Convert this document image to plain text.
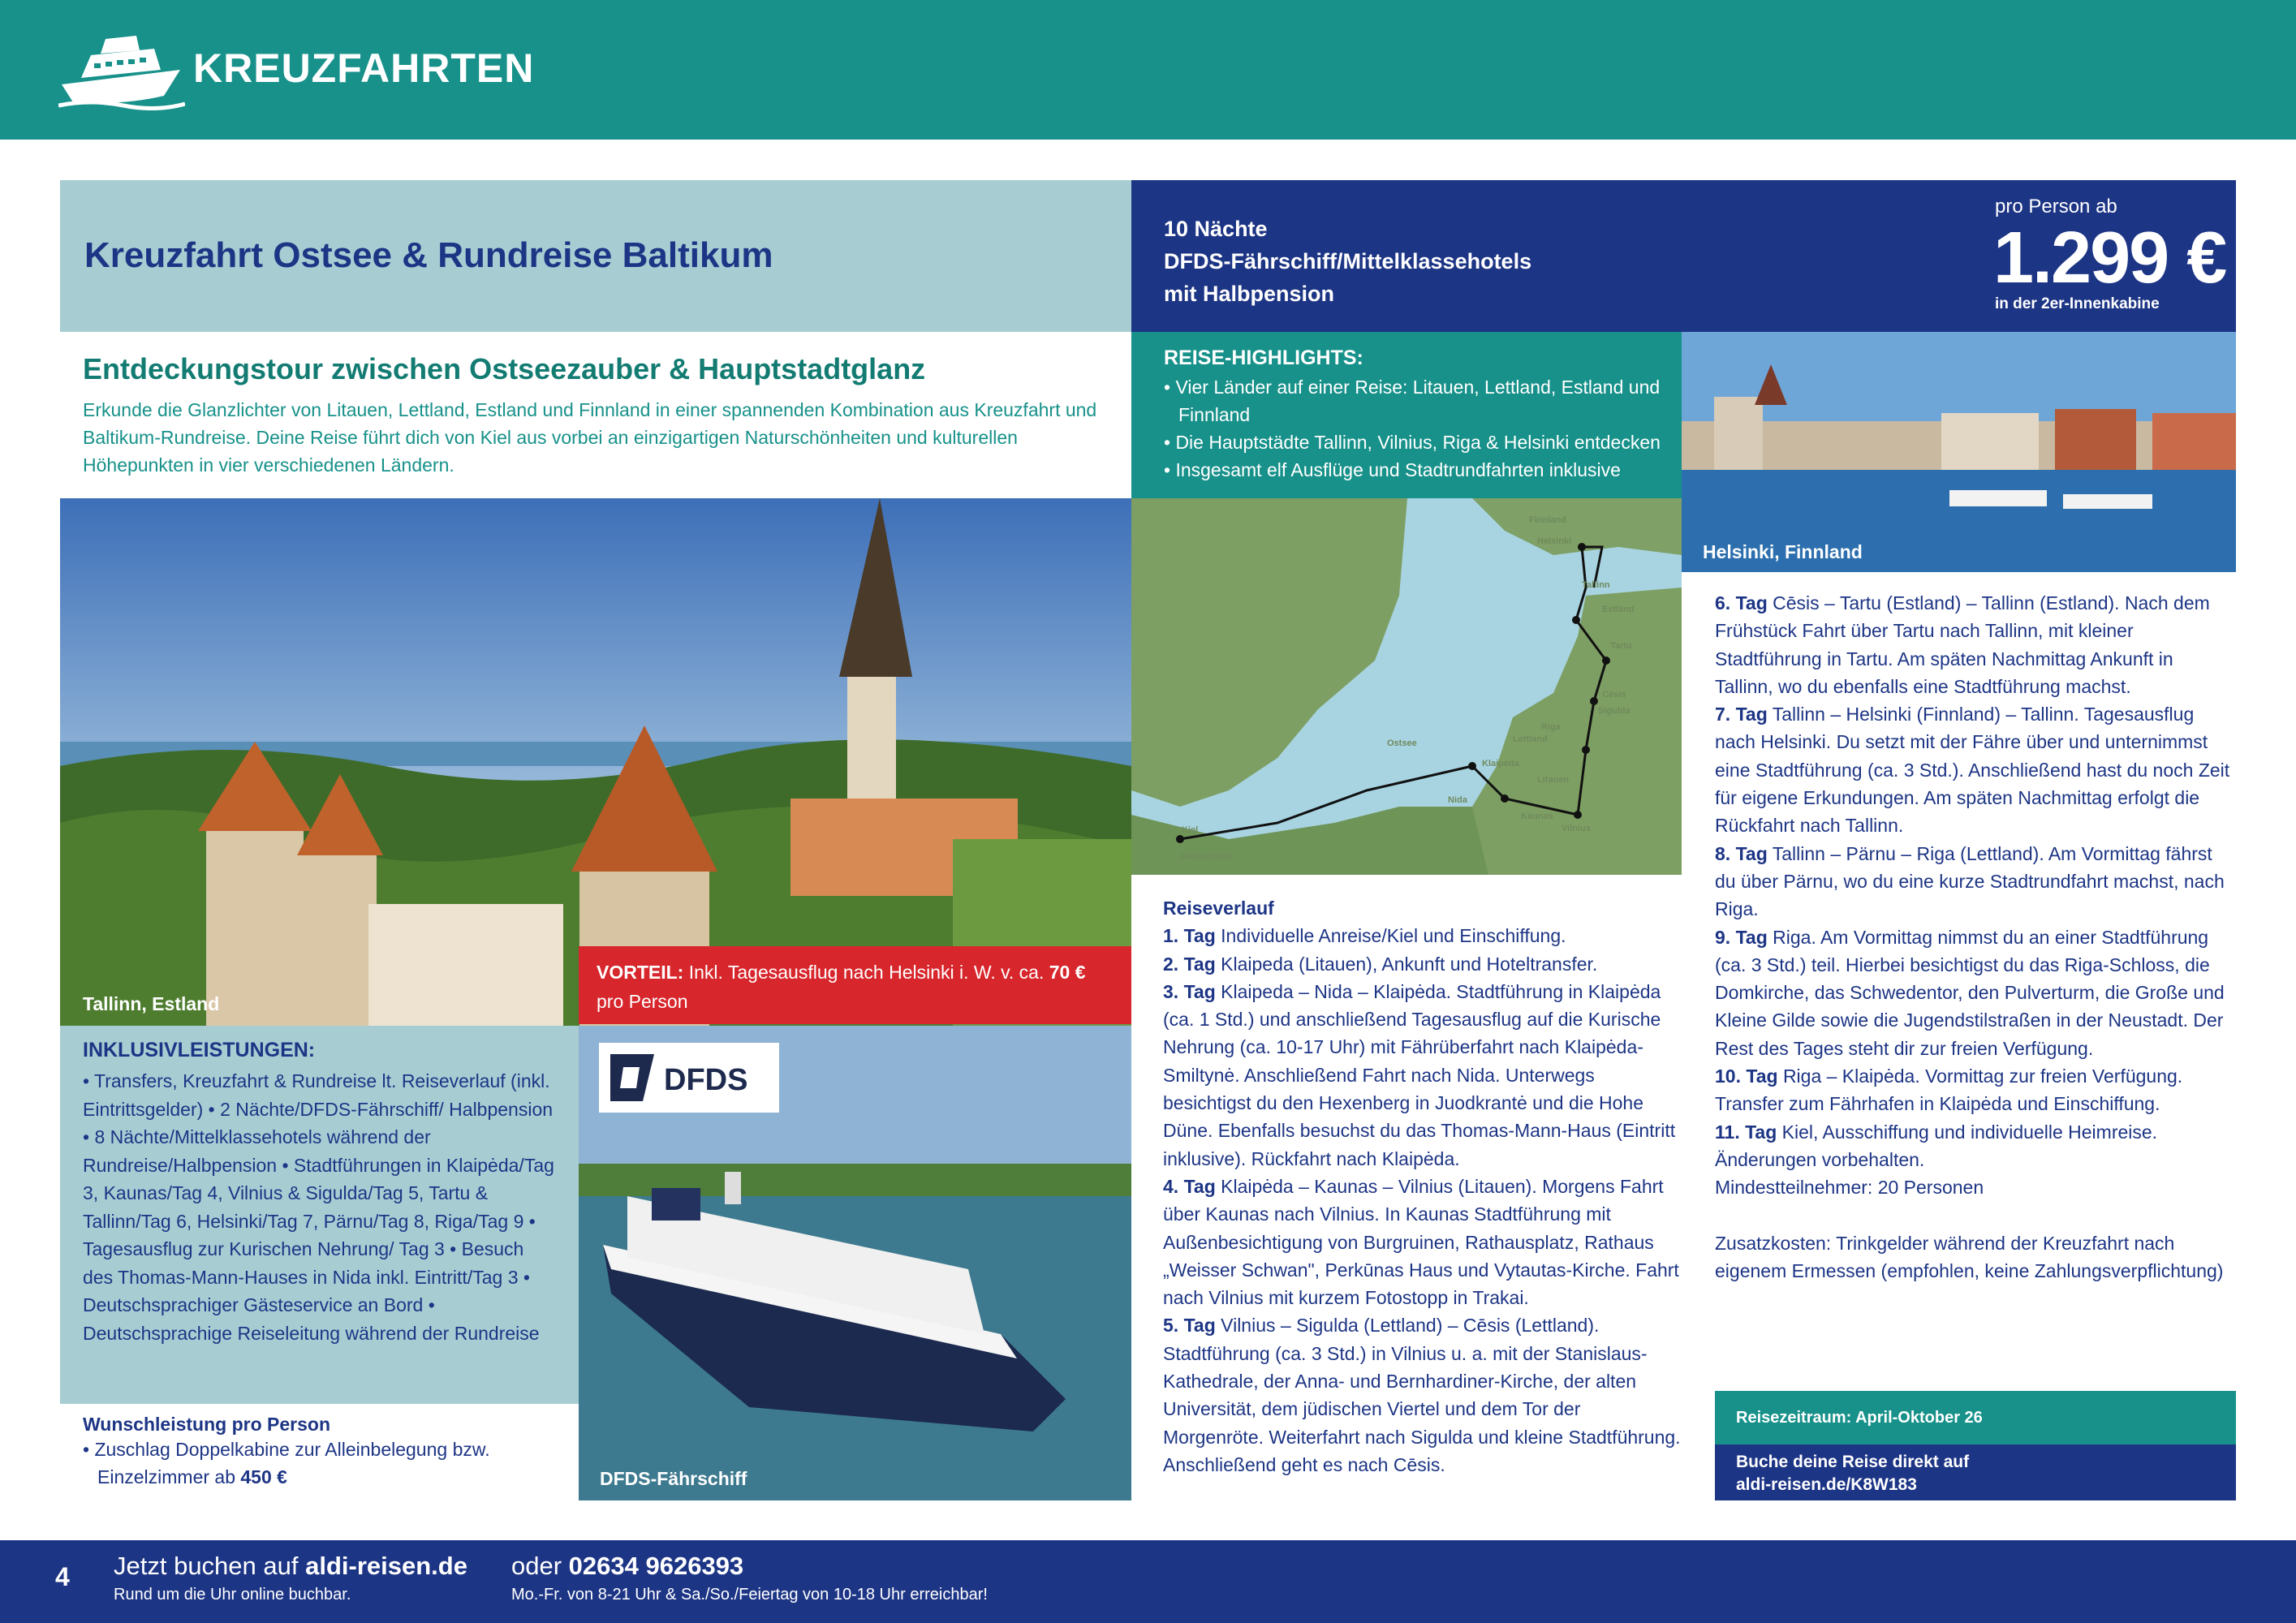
KREUZFAHRTEN
Kreuzfahrt Ostsee & Rundreise Baltikum
10 Nächte
DFDS-Fährschiff/Mittelklassehotels
mit Halbpension
pro Person ab
1.299 €
in der 2er-Innenkabine
Entdeckungstour zwischen Ostseezauber & Hauptstadtglanz
Erkunde die Glanzlichter von Litauen, Lettland, Estland und Finnland in einer spannenden Kombination aus Kreuzfahrt und Baltikum-Rundreise. Deine Reise führt dich von Kiel aus vorbei an einzigartigen Naturschönheiten und kulturellen Höhepunkten in vier verschiedenen Ländern.
REISE-HIGHLIGHTS:
• Vier Länder auf einer Reise: Litauen, Lettland, Estland und Finnland
• Die Hauptstädte Tallinn, Vilnius, Riga & Helsinki entdecken
• Insgesamt elf Ausflüge und Stadtrundfahrten inklusive
Tallinn, Estland
VORTEIL: Inkl. Tagesausflug nach Helsinki i. W. v. ca. 70 €
pro Person
Finnland
Helsinki
Tallinn
Estland
Tartu
Cēsis
Sigulda
Riga
Lettland
Ostsee
Klaipėda
Nida
Litauen
Kaunas
Vilnius
Kiel
Deutschland
Helsinki, Finnland
INKLUSIVLEISTUNGEN:

• Transfers, Kreuzfahrt & Rundreise lt. Reiseverlauf (inkl. Eintrittsgelder) • 2 Nächte/DFDS-Fährschiff/ Halbpension • 8 Nächte/Mittelklassehotels während der Rundreise/Halbpension • Stadtführungen in Klaipėda/Tag 3, Kaunas/Tag 4, Vilnius & Sigulda/Tag 5, Tartu & Tallinn/Tag 6, Helsinki/Tag 7, Pärnu/Tag 8, Riga/Tag 9 • Tagesausflug zur Kurischen Nehrung/ Tag 3 • Besuch des Thomas-Mann-Hauses in Nida inkl. Eintritt/Tag 3 • Deutschsprachiger Gästeservice an Bord • Deutschsprachige Reiseleitung während der Rundreise

Wunschleistung pro Person

• Zuschlag Doppelkabine zur Alleinbelegung bzw. Einzelzimmer ab 450 €	DFDS-Fährschiff
DFDS
Reiseverlauf
1. Tag Individuelle Anreise/Kiel und Einschiffung.
2. Tag Klaipeda (Litauen), Ankunft und Hoteltransfer.
3. Tag Klaipeda – Nida – Klaipėda. Stadtführung in Klaipėda (ca. 1 Std.) und anschließend Tagesausflug auf die Kurische Nehrung (ca. 10-17 Uhr) mit Fährüberfahrt nach Klaipėda-Smiltynė. Anschließend Fahrt nach Nida. Unterwegs besichtigst du den Hexenberg in Juodkrantė und die Hohe Düne. Ebenfalls besuchst du das Thomas-Mann-Haus (Eintritt inklusive). Rückfahrt nach Klaipėda.
4. Tag Klaipėda – Kaunas – Vilnius (Litauen). Morgens Fahrt über Kaunas nach Vilnius. In Kaunas Stadtführung mit Außenbesichtigung von Burgruinen, Rathausplatz, Rathaus „Weisser Schwan", Perkūnas Haus und Vytautas-Kirche. Fahrt nach Vilnius mit kurzem Fotostopp in Trakai.
5. Tag Vilnius – Sigulda (Lettland) – Cēsis (Lettland). Stadtführung (ca. 3 Std.) in Vilnius u. a. mit der Stanislaus-Kathedrale, der Anna- und Bernhardiner-Kirche, der alten Universität, dem jüdischen Viertel und dem Tor der Morgenröte. Weiterfahrt nach Sigulda und kleine Stadtführung. Anschließend geht es nach Cēsis.
6. Tag Cēsis – Tartu (Estland) – Tallinn (Estland). Nach dem Frühstück Fahrt über Tartu nach Tallinn, mit kleiner Stadtführung in Tartu. Am späten Nachmittag Ankunft in Tallinn, wo du ebenfalls eine Stadtführung machst.
7. Tag Tallinn – Helsinki (Finnland) – Tallinn. Tagesausflug nach Helsinki. Du setzt mit der Fähre über und unternimmst eine Stadtführung (ca. 3 Std.). Anschließend hast du noch Zeit für eigene Erkundungen. Am späten Nachmittag erfolgt die Rückfahrt nach Tallinn.
8. Tag Tallinn – Pärnu – Riga (Lettland). Am Vormittag fährst du über Pärnu, wo du eine kurze Stadtrundfahrt machst, nach Riga.
9. Tag Riga. Am Vormittag nimmst du an einer Stadtführung (ca. 3 Std.) teil. Hierbei besichtigst du das Riga-Schloss, die Domkirche, das Schwedentor, den Pulverturm, die Große und Kleine Gilde sowie die Jugendstilstraßen in der Neustadt. Der Rest des Tages steht dir zur freien Verfügung.
10. Tag Riga – Klaipėda. Vormittag zur freien Verfügung. Transfer zum Fährhafen in Klaipėda und Einschiffung.
11. Tag Kiel, Ausschiffung und individuelle Heimreise.
Änderungen vorbehalten.
Mindestteilnehmer: 20 Personen
Zusatzkosten: Trinkgelder während der Kreuzfahrt nach eigenem Ermessen (empfohlen, keine Zahlungsverpflichtung)
Reisezeitraum: April-Oktober 26
Buche deine Reise direkt auf
aldi-reisen.de/K8W183
4 Jetzt buchen auf aldi-reisen.de
Rund um die Uhr online buchbar.
oder 02634 9626393
Mo.-Fr. von 8-21 Uhr & Sa./So./Feiertag von 10-18 Uhr erreichbar!
